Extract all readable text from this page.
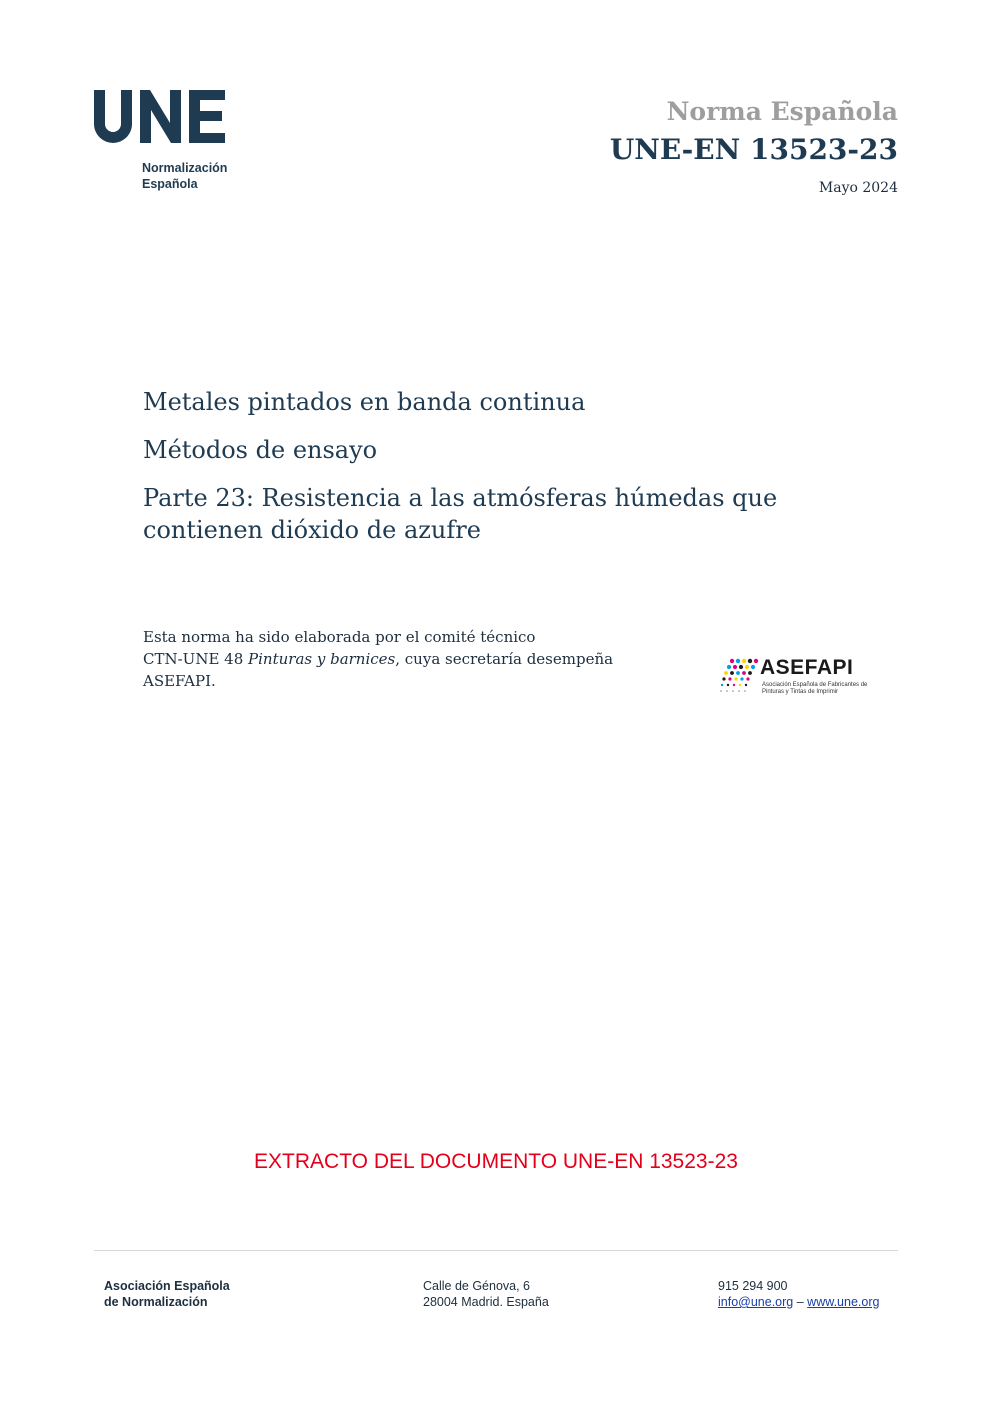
Normalización
Española
Norma Española
UNE-EN 13523-23
Mayo 2024

Metales pintados en banda continua

Métodos de ensayo

Parte 23: Resistencia a las atmósferas húmedas que contienen dióxido de azufre

Esta norma ha sido elaborada por el comité técnico
CTN-UNE 48 Pinturas y barnices, cuya secretaría desempeña
ASEFAPI.
ASEFAPI
Asociación Española de Fabricantes de Pinturas y Tintas de Imprimir
EXTRACTO DEL DOCUMENTO UNE-EN 13523-23
Asociación Española
de Normalización
Calle de Génova, 6
28004 Madrid. España
915 294 900
info@une.org – www.une.org
